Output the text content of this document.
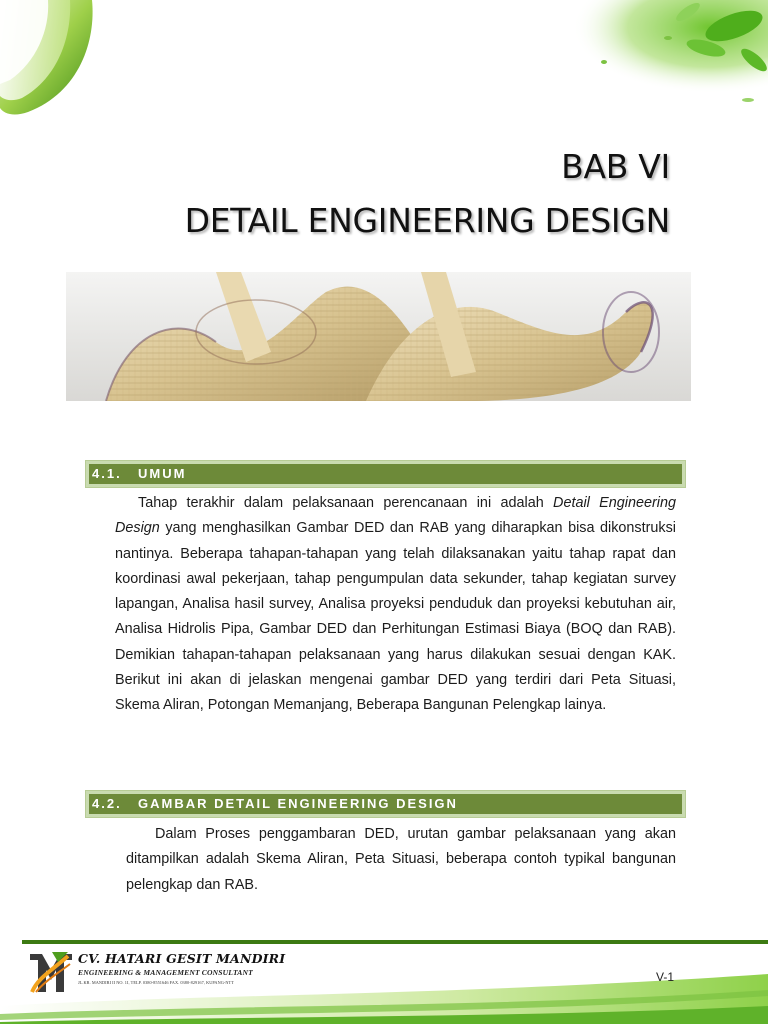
BAB VI
DETAIL ENGINEERING DESIGN
4.1. UMUM
Tahap terakhir dalam pelaksanaan perencanaan ini adalah Detail Engineering Design yang menghasilkan Gambar DED dan RAB yang diharapkan bisa dikonstruksi nantinya. Beberapa tahapan-tahapan yang telah dilaksanakan yaitu tahap rapat dan koordinasi awal pekerjaan, tahap pengumpulan data sekunder, tahap kegiatan survey lapangan, Analisa hasil survey, Analisa proyeksi penduduk dan proyeksi kebutuhan air, Analisa Hidrolis Pipa, Gambar DED dan Perhitungan Estimasi Biaya (BOQ dan RAB). Demikian tahapan-tahapan pelaksanaan yang harus dilakukan sesuai dengan KAK. Berikut ini akan di jelaskan mengenai gambar DED yang terdiri dari Peta Situasi, Skema Aliran, Potongan Memanjang, Beberapa Bangunan Pelengkap lainya.
4.2. GAMBAR DETAIL ENGINEERING DESIGN
Dalam Proses penggambaran DED, urutan gambar pelaksanaan yang akan ditampilkan adalah Skema Aliran, Peta Situasi, beberapa contoh typikal bangunan pelengkap dan RAB.
CV. HATARI GESIT MANDIRI
ENGINEERING & MANAGEMENT CONSULTANT
JL.KR. MANDIRI II NO. 1I, TELP. 0380-8551646 FAX. 0380-829167, KUPANG-NTT	V-1
